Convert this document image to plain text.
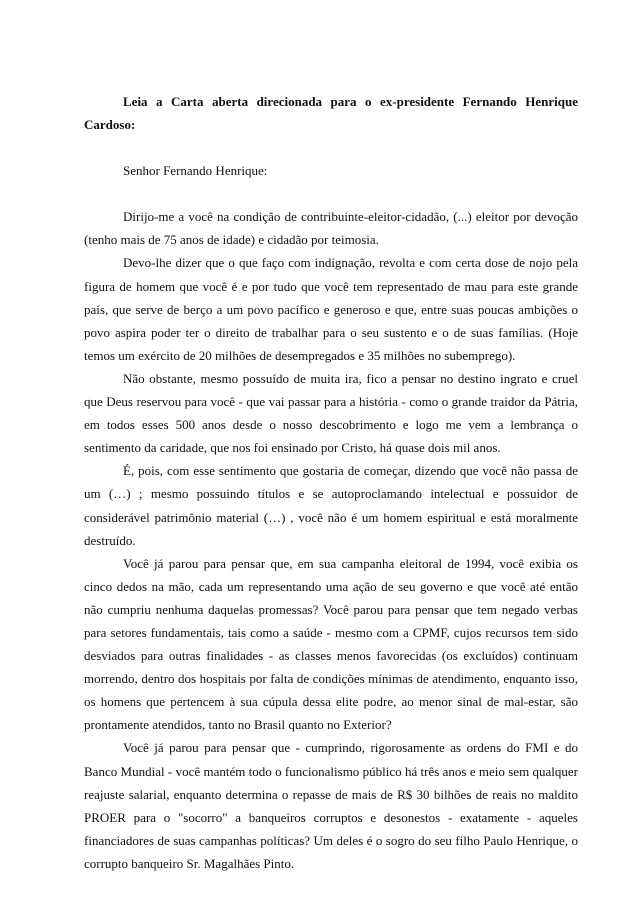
Leia a Carta aberta direcionada para o ex-presidente Fernando Henrique Cardoso:

Senhor Fernando Henrique:

Dirijo-me a você na condição de contribuinte-eleitor-cidadão, (...) eleitor por devoção (tenho mais de 75 anos de idade) e cidadão por teimosia.

Devo-lhe dizer que o que faço com indignação, revolta e com certa dose de nojo pela figura de homem que você é e por tudo que você tem representado de mau para este grande país, que serve de berço a um povo pacífico e generoso e que, entre suas poucas ambições o povo aspira poder ter o direito de trabalhar para o seu sustento e o de suas famílias. (Hoje temos um exército de 20 milhões de desempregados e 35 milhões no subemprego).

Não obstante, mesmo possuído de muita ira, fico a pensar no destino ingrato e cruel que Deus reservou para você - que vai passar para a história - como o grande traidor da Pátria, em todos esses 500 anos desde o nosso descobrimento e logo me vem a lembrança o sentimento da caridade, que nos foi ensinado por Cristo, há quase dois mil anos.

É, pois, com esse sentimento que gostaria de começar, dizendo que você não passa de um (…) ; mesmo possuindo títulos e se autoproclamando intelectual e possuidor de considerável patrimônio material (…) , você não é um homem espiritual e está moralmente destruído.

Você já parou para pensar que, em sua campanha eleitoral de 1994, você exibia os cinco dedos na mão, cada um representando uma ação de seu governo e que você até então não cumpriu nenhuma daquelas promessas? Você parou para pensar que tem negado verbas para setores fundamentais, tais como a saúde - mesmo com a CPMF, cujos recursos tem sido desviados para outras finalidades - as classes menos favorecidas (os excluídos) continuam morrendo, dentro dos hospitais por falta de condições mínimas de atendimento, enquanto isso, os homens que pertencem à sua cúpula dessa elite podre, ao menor sinal de mal-estar, são prontamente atendidos, tanto no Brasil quanto no Exterior?

Você já parou para pensar que - cumprindo, rigorosamente as ordens do FMI e do Banco Mundial - você mantém todo o funcionalismo público há três anos e meio sem qualquer reajuste salarial, enquanto determina o repasse de mais de R$ 30 bilhões de reais no maldito PROER para o "socorro" a banqueiros corruptos e desonestos - exatamente - aqueles financiadores de suas campanhas políticas? Um deles é o sogro do seu filho Paulo Henrique, o corrupto banqueiro Sr. Magalhães Pinto.
